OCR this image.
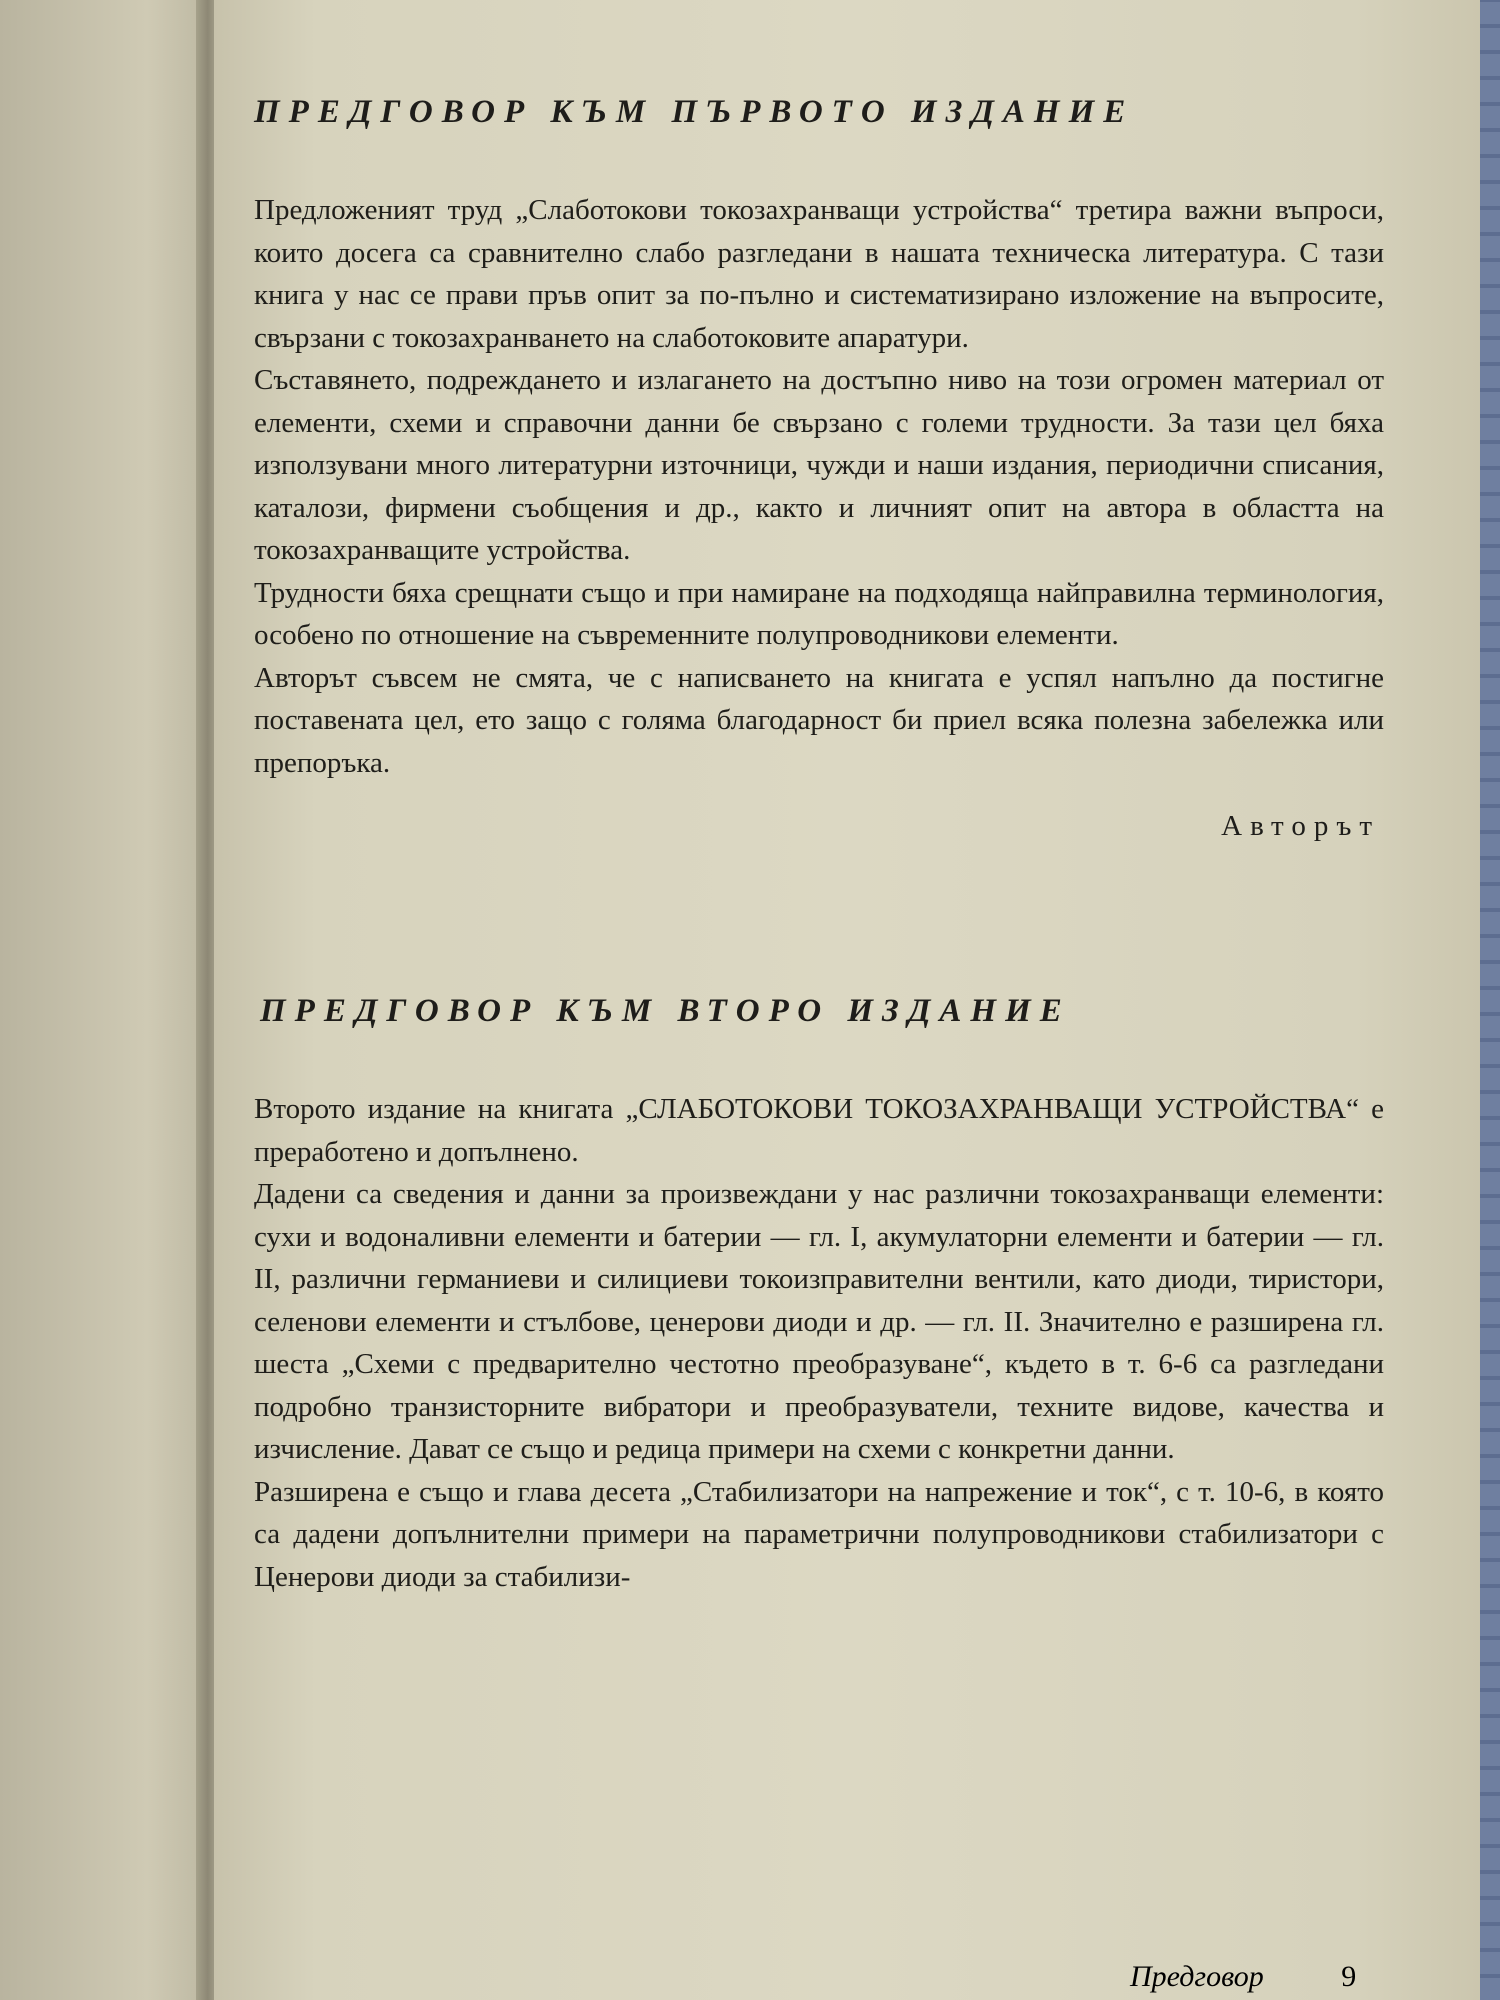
ПРЕДГОВОР КЪМ ПЪРВОТО ИЗДАНИЕ

Предложеният труд „Слаботокови токозахранващи устройства“ третира важни въпроси, които досега са сравнително слабо разгледани в нашата техническа литература. С тази книга у нас се прави пръв опит за по-пълно и систематизирано изложение на въпросите, свързани с токозахранването на слаботоковите апаратури.

Съставянето, подреждането и излагането на достъпно ниво на този огромен материал от елементи, схеми и справочни данни бе свързано с големи трудности. За тази цел бяха използувани много литературни източници, чужди и наши издания, периодични списания, каталози, фирмени съобщения и др., както и личният опит на автора в областта на токозахранващите устройства.

Трудности бяха срещнати също и при намиране на подходяща найправилна терминология, особено по отношение на съвременните полупроводникови елементи.

Авторът съвсем не смята, че с написването на книгата е успял напълно да постигне поставената цел, ето защо с голяма благодарност би приел всяка полезна забележка или препоръка.

Авторът
ПРЕДГОВОР КЪМ ВТОРО ИЗДАНИЕ

Второто издание на книгата „СЛАБОТОКОВИ ТОКОЗАХРАНВАЩИ УСТРОЙСТВА“ е преработено и допълнено.

Дадени са сведения и данни за произвеждани у нас различни токозахранващи елементи: сухи и водоналивни елементи и батерии — гл. I, акумулаторни елементи и батерии — гл. II, различни германиеви и силициеви токоизправителни вентили, като диоди, тиристори, селенови елементи и стълбове, ценерови диоди и др. — гл. II. Значително е разширена гл. шеста „Схеми с предварително честотно преобразуване“, където в т. 6-6 са разгледани подробно транзисторните вибратори и преобразуватели, техните видове, качества и изчисление. Дават се също и редица примери на схеми с конкретни данни.

Разширена е също и глава десета „Стабилизатори на напрежение и ток“, с т. 10-6, в която са дадени допълнителни примери на параметрични полупроводникови стабилизатори с Ценерови диоди за стабилизи-

Предговор	9
